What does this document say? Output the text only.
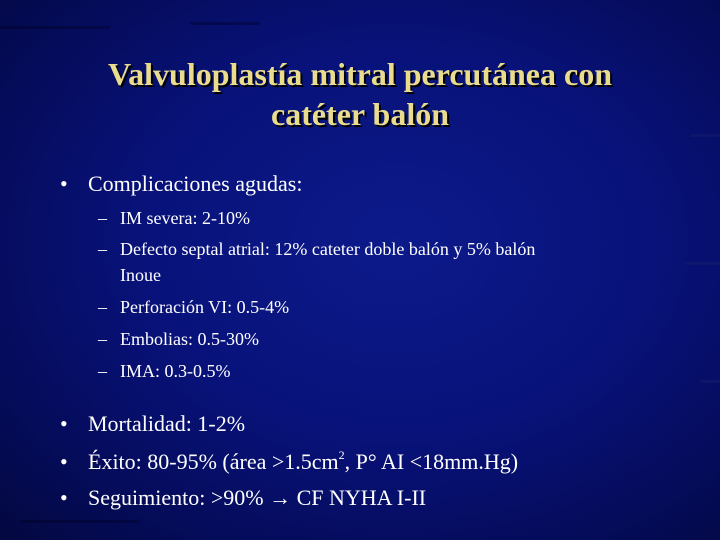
Valvuloplastía mitral percutánea con
catéter balón
• Complicaciones agudas:
– IM severa: 2-10%
– Defecto septal atrial: 12% cateter doble balón y 5% balón
Inoue
– Perforación VI: 0.5-4%
– Embolias: 0.5-30%
– IMA: 0.3-0.5%
• Mortalidad: 1-2%
• Éxito: 80-95% (área $>1.5cm^2$, P° AI <18mm.Hg)
• Seguimiento: >90% → CF NYHA I-II
